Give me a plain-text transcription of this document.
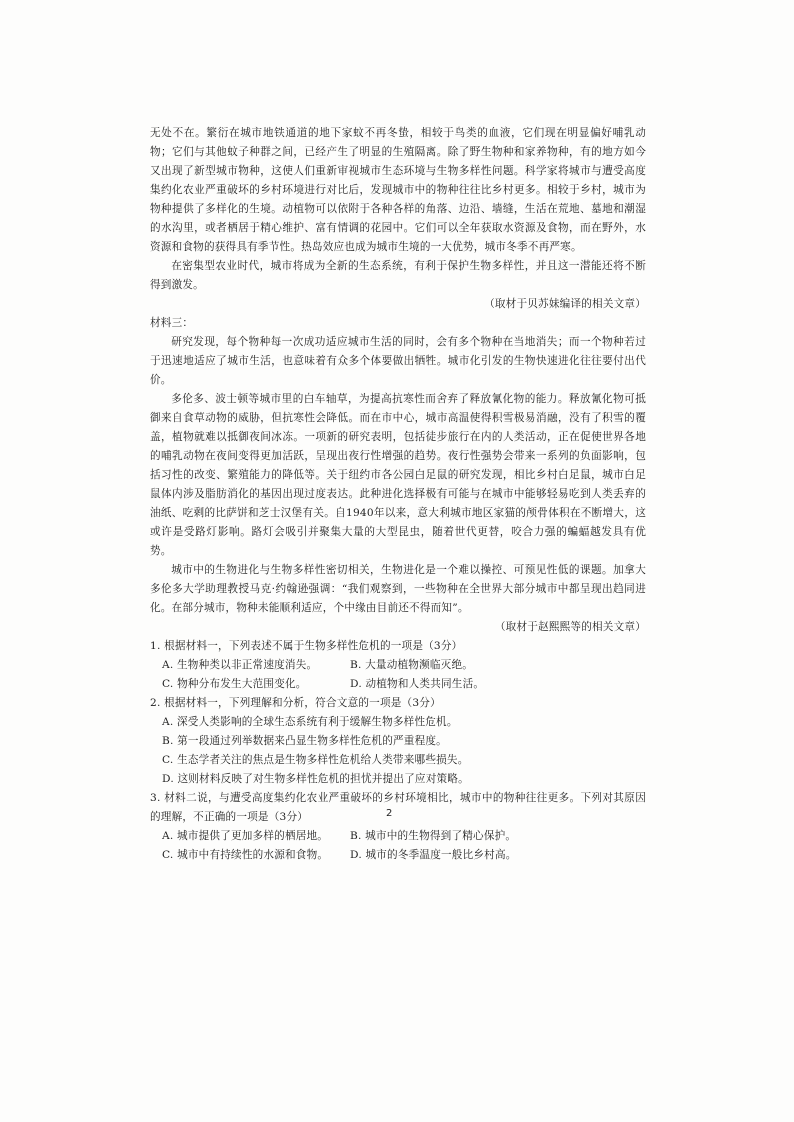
无处不在。繁衍在城市地铁通道的地下家蚊不再冬蛰，相较于鸟类的血液，它们现在明显偏好哺乳动物；它们与其他蚊子种群之间，已经产生了明显的生殖隔离。除了野生物种和家养物种，有的地方如今又出现了新型城市物种，这使人们重新审视城市生态环境与生物多样性问题。科学家将城市与遭受高度集约化农业严重破坏的乡村环境进行对比后，发现城市中的物种往往比乡村更多。相较于乡村，城市为物种提供了多样化的生境。动植物可以依附于各种各样的角落、边沿、墙缝，生活在荒地、墓地和潮湿的水沟里，或者栖居于精心维护、富有情调的花园中。它们可以全年获取水资源及食物，而在野外，水资源和食物的获得具有季节性。热岛效应也成为城市生境的一大优势，城市冬季不再严寒。

在密集型农业时代，城市将成为全新的生态系统，有利于保护生物多样性，并且这一潜能还将不断得到激发。

（取材于贝苏妹编译的相关文章）

材料三：

研究发现，每个物种每一次成功适应城市生活的同时，会有多个物种在当地消失；而一个物种若过于迅速地适应了城市生活，也意味着有众多个体要做出牺牲。城市化引发的生物快速进化往往要付出代价。

多伦多、波士顿等城市里的白车轴草，为提高抗寒性而舍弃了释放氰化物的能力。释放氰化物可抵御来自食草动物的威胁，但抗寒性会降低。而在市中心，城市高温使得积雪极易消融，没有了积雪的覆盖，植物就难以抵御夜间冰冻。一项新的研究表明，包括徒步旅行在内的人类活动，正在促使世界各地的哺乳动物在夜间变得更加活跃，呈现出夜行性增强的趋势。夜行性强势会带来一系列的负面影响，包括习性的改变、繁殖能力的降低等。关于纽约市各公园白足鼠的研究发现，相比乡村白足鼠，城市白足鼠体内涉及脂肪消化的基因出现过度表达。此种进化选择极有可能与在城市中能够轻易吃到人类丢弃的油纸、吃剩的比萨饼和芝士汉堡有关。自1940年以来，意大利城市地区家猫的颅骨体积在不断增大，这或许是受路灯影响。路灯会吸引并聚集大量的大型昆虫，随着世代更替，咬合力强的蝙蝠越发具有优势。

城市中的生物进化与生物多样性密切相关，生物进化是一个难以操控、可预见性低的课题。加拿大多伦多大学助理教授马克·约翰逊强调：“我们观察到，一些物种在全世界大部分城市中都呈现出趋同进化。在部分城市，物种未能顺利适应，个中缘由目前还不得而知”。

（取材于赵熙熙等的相关文章）

1. 根据材料一，下列表述不属于生物多样性危机的一项是（3分）

A. 生物种类以非正常速度消失。	B. 大量动植物濒临灭绝。
C. 物种分布发生大范围变化。	D. 动植物和人类共同生活。

2. 根据材料一，下列理解和分析，符合文意的一项是（3分）

A. 深受人类影响的全球生态系统有利于缓解生物多样性危机。
B. 第一段通过列举数据来凸显生物多样性危机的严重程度。
C. 生态学者关注的焦点是生物多样性危机给人类带来哪些损失。
D. 这则材料反映了对生物多样性危机的担忧并提出了应对策略。

3. 材料二说，与遭受高度集约化农业严重破坏的乡村环境相比，城市中的物种往往更多。下列对其原因的理解，不正确的一项是（3分）

A. 城市提供了更加多样的栖居地。	B. 城市中的生物得到了精心保护。
C. 城市中有持续性的水源和食物。	D. 城市的冬季温度一般比乡村高。
2
